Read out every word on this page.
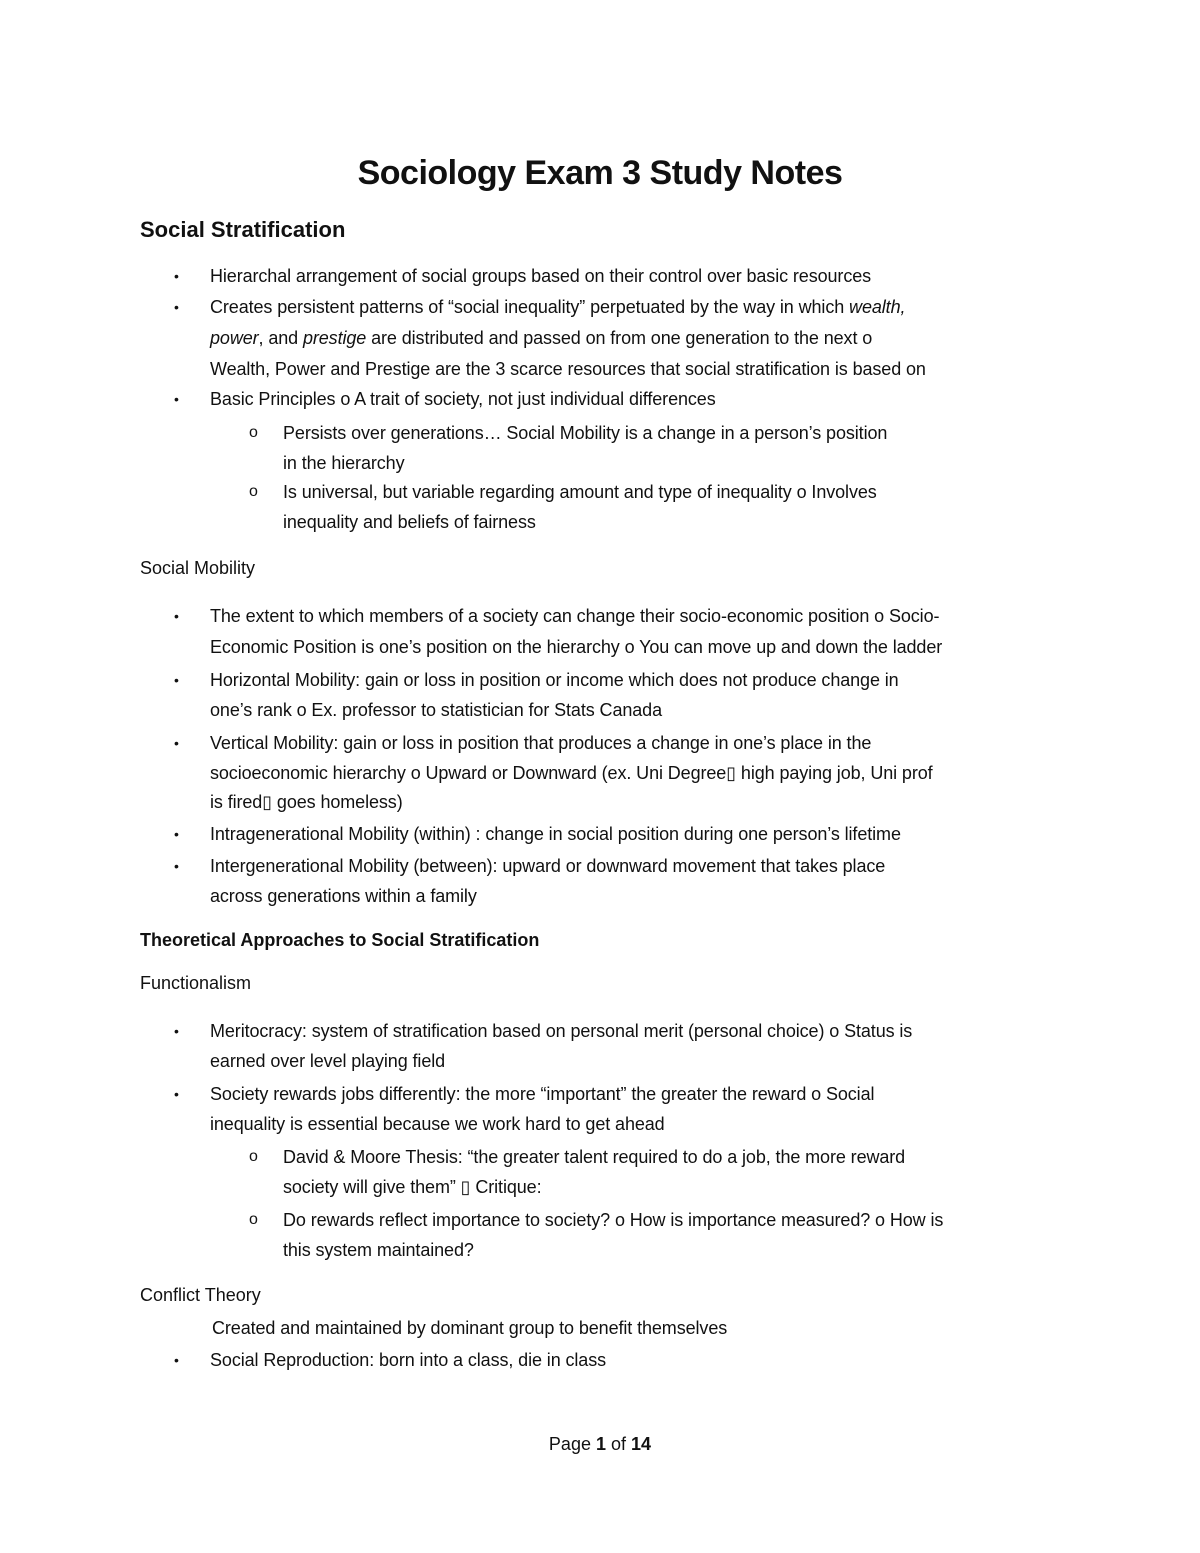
Sociology Exam 3 Study Notes
Social Stratification
• Hierarchal arrangement of social groups based on their control over basic resources
• Creates persistent patterns of “social inequality” perpetuated by the way in which wealth,
power, and prestige are distributed and passed on from one generation to the next o
Wealth, Power and Prestige are the 3 scarce resources that social stratification is based on
• Basic Principles o A trait of society, not just individual differences
o Persists over generations… Social Mobility is a change in a person’s position
in the hierarchy
o Is universal, but variable regarding amount and type of inequality o Involves
inequality and beliefs of fairness
Social Mobility
• The extent to which members of a society can change their socio-economic position o Socio-
Economic Position is one’s position on the hierarchy o You can move up and down the ladder
• Horizontal Mobility: gain or loss in position or income which does not produce change in
one’s rank o Ex. professor to statistician for Stats Canada
• Vertical Mobility: gain or loss in position that produces a change in one’s place in the
socioeconomic hierarchy o Upward or Downward (ex. Uni Degree▯ high paying job, Uni prof
is fired▯ goes homeless)
• Intragenerational Mobility (within) : change in social position during one person’s lifetime
• Intergenerational Mobility (between): upward or downward movement that takes place
across generations within a family
Theoretical Approaches to Social Stratification
Functionalism
• Meritocracy: system of stratification based on personal merit (personal choice) o Status is
earned over level playing field
• Society rewards jobs differently: the more “important” the greater the reward o Social
inequality is essential because we work hard to get ahead
o David & Moore Thesis: “the greater talent required to do a job, the more reward
society will give them” ▯ Critique:
o Do rewards reflect importance to society? o How is importance measured? o How is
this system maintained?
Conflict Theory
Created and maintained by dominant group to benefit themselves
• Social Reproduction: born into a class, die in class
Page 1 of 14
